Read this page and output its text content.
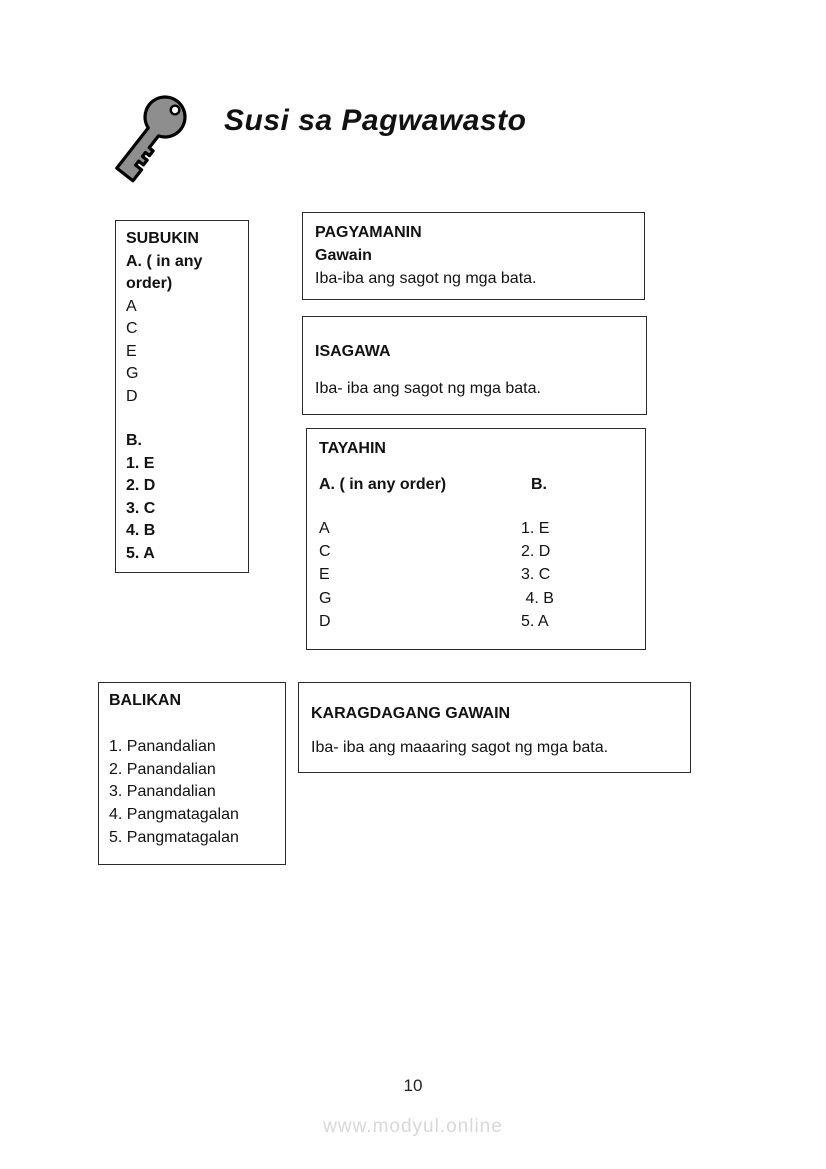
Susi sa Pagwawasto
SUBUKIN
A. ( in any order)
A
C
E
G
D
B.
1. E
2. D
3. C
4. B
5. A
PAGYAMANIN
Gawain
Iba-iba ang sagot ng mga bata.
ISAGAWA
Iba- iba ang sagot ng mga bata.
TAYAHIN
A. ( in any order)	B.
A
C
E
G
D
1. E
2. D
3. C
4. B
5. A
BALIKAN
1. Panandalian
2. Panandalian
3. Panandalian
4. Pangmatagalan
5. Pangmatagalan
KARAGDAGANG GAWAIN
Iba- iba ang maaaring sagot ng mga bata.
10
www.modyul.online
